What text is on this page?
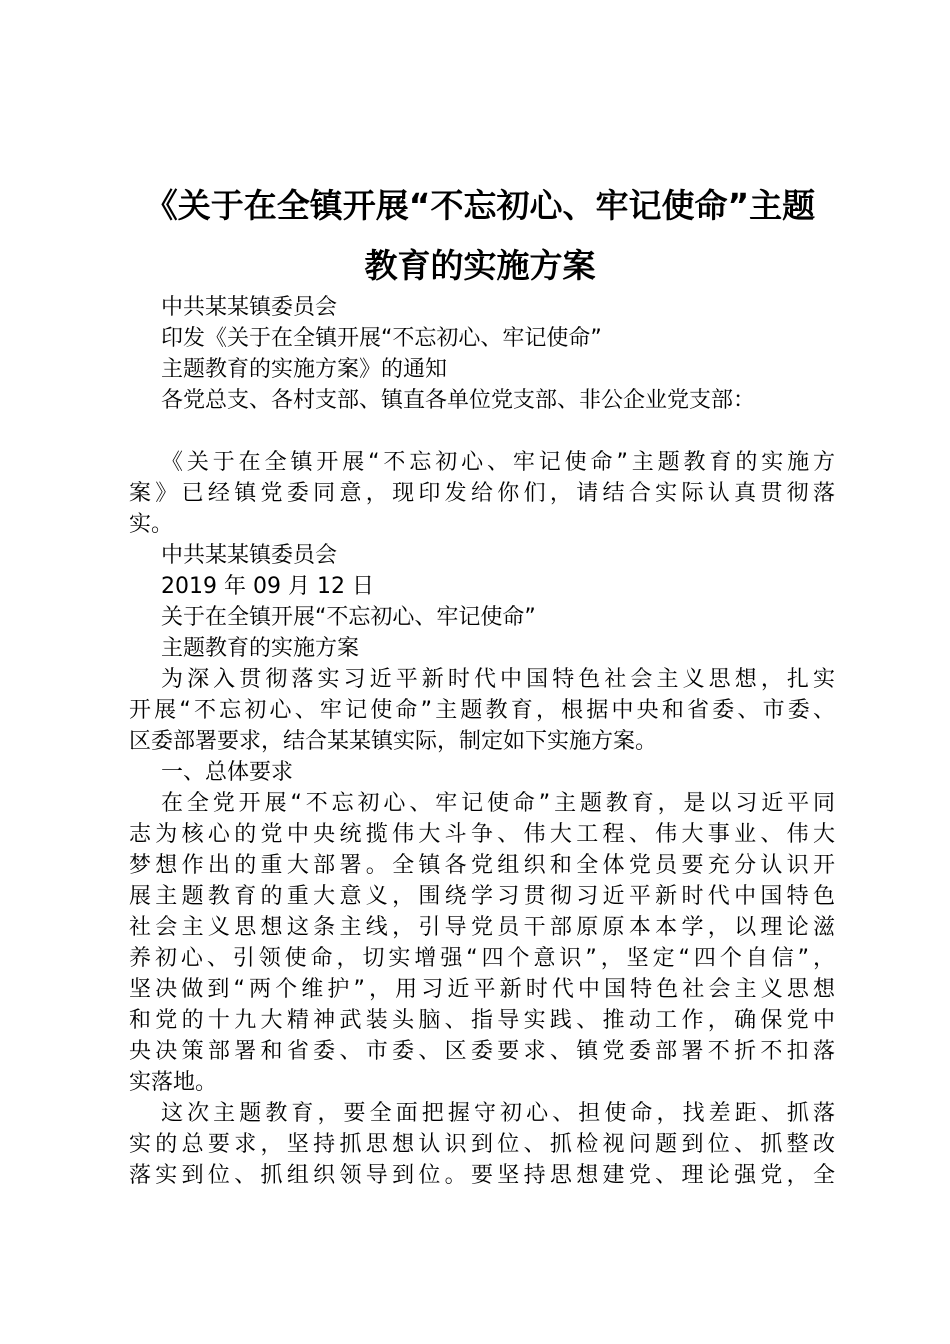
《关于在全镇开展“不忘初心、牢记使命”主题
教育的实施方案
中共某某镇委员会
印发《关于在全镇开展“不忘初心、牢记使命”
主题教育的实施方案》的通知
各党总支、各村支部、镇直各单位党支部、非公企业党支部：
《关于在全镇开展“不忘初心、牢记使命”主题教育的实施方
案》已经镇党委同意，现印发给你们，请结合实际认真贯彻落
实。
中共某某镇委员会
2019 年 09 月 12 日
关于在全镇开展“不忘初心、牢记使命”
主题教育的实施方案
为深入贯彻落实习近平新时代中国特色社会主义思想，扎实
开展“不忘初心、牢记使命”主题教育，根据中央和省委、市委、
区委部署要求，结合某某镇实际，制定如下实施方案。
一、总体要求
在全党开展“不忘初心、牢记使命”主题教育，是以习近平同
志为核心的党中央统揽伟大斗争、伟大工程、伟大事业、伟大
梦想作出的重大部署。全镇各党组织和全体党员要充分认识开
展主题教育的重大意义，围绕学习贯彻习近平新时代中国特色
社会主义思想这条主线，引导党员干部原原本本学，以理论滋
养初心、引领使命，切实增强“四个意识”，坚定“四个自信”，
坚决做到“两个维护”，用习近平新时代中国特色社会主义思想
和党的十九大精神武装头脑、指导实践、推动工作，确保党中
央决策部署和省委、市委、区委要求、镇党委部署不折不扣落
实落地。
这次主题教育，要全面把握守初心、担使命，找差距、抓落
实的总要求，坚持抓思想认识到位、抓检视问题到位、抓整改
落实到位、抓组织领导到位。要坚持思想建党、理论强党，全
